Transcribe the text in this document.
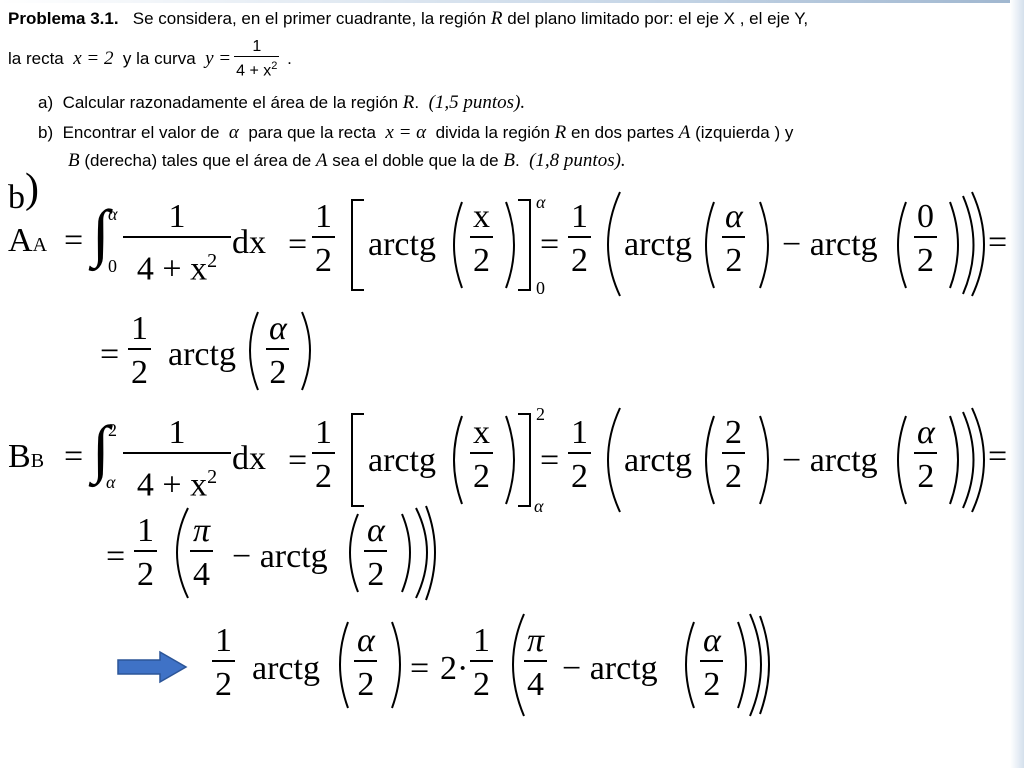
Problema 3.1. Se considera, en el primer cuadrante, la región R del plano limitado por: el eje X , el eje Y,
la recta
x = 2
y la curva
$y = \frac{1}{4 + x^2}$
.
a) Calcular razonadamente el área de la región R.  (1,5 puntos).
b) Encontrar el valor de α para que la recta x = α divida la región R en dos partes A (izquierda ) y
B (derecha) tales que el área de A sea el doble que la de B.  (1,8 puntos).
b)
AA = ∫
α
$0 \frac{1}{4 + x^2}$ dx = $\frac{1}{2}$ arctg $\frac{x}{2}$ α
0
= $\frac{1}{2}$ arctg $\frac{\alpha}{2}$ − arctg $\frac{0}{2}$ =
= $\frac{1}{2}$ arctg $\frac{\alpha}{2}$
BB = ∫
2
α $\frac{1}{4 + x^2}$ dx = $\frac{1}{2}$ arctg $\frac{x}{2} 2$
α
= $\frac{1}{2}$ arctg $\frac{2}{2}$ − arctg $\frac{\alpha}{2}$ =
= $\frac{1}{2} \frac{\pi}{4}$ − arctg $\frac{\alpha}{2}$
$\frac{1}{2}$ arctg $\frac{\alpha}{2} = 2\cdot \frac{1}{2} \frac{\pi}{4}$ − arctg $\frac{\alpha}{2}$
